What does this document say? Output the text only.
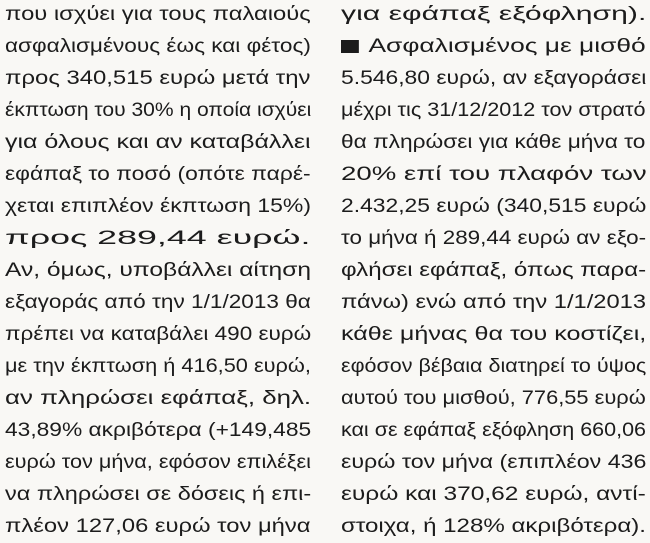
που ισχύει για τους παλαιούς
ασφαλισμένους έως και φέτος)
προς 340,515 ευρώ μετά την
έκπτωση του 30% η οποία ισχύει
για όλους και αν καταβάλλει
εφάπαξ το ποσό (οπότε παρέ-
χεται επιπλέον έκπτωση 15%)
προς 289,44 ευρώ.
Αν, όμως, υποβάλλει αίτηση
εξαγοράς από την 1/1/2013 θα
πρέπει να καταβάλει 490 ευρώ
με την έκπτωση ή 416,50 ευρώ,
αν πληρώσει εφάπαξ, δηλ.
43,89% ακριβότερα (+149,485
ευρώ τον μήνα, εφόσον επιλέξει
να πληρώσει σε δόσεις ή επι-
πλέον 127,06 ευρώ τον μήνα
για εφάπαξ εξόφληση).
Ασφαλισμένος με μισθό
5.546,80 ευρώ, αν εξαγοράσει
μέχρι τις 31/12/2012 τον στρατό
θα πληρώσει για κάθε μήνα το
20% επί του πλαφόν των
2.432,25 ευρώ (340,515 ευρώ
το μήνα ή 289,44 ευρώ αν εξο-
φλήσει εφάπαξ, όπως παρα-
πάνω) ενώ από την 1/1/2013
κάθε μήνας θα του κοστίζει,
εφόσον βέβαια διατηρεί το ύψος
αυτού του μισθού, 776,55 ευρώ
και σε εφάπαξ εξόφληση 660,06
ευρώ τον μήνα (επιπλέον 436
ευρώ και 370,62 ευρώ, αντί-
στοιχα, ή 128% ακριβότερα).
